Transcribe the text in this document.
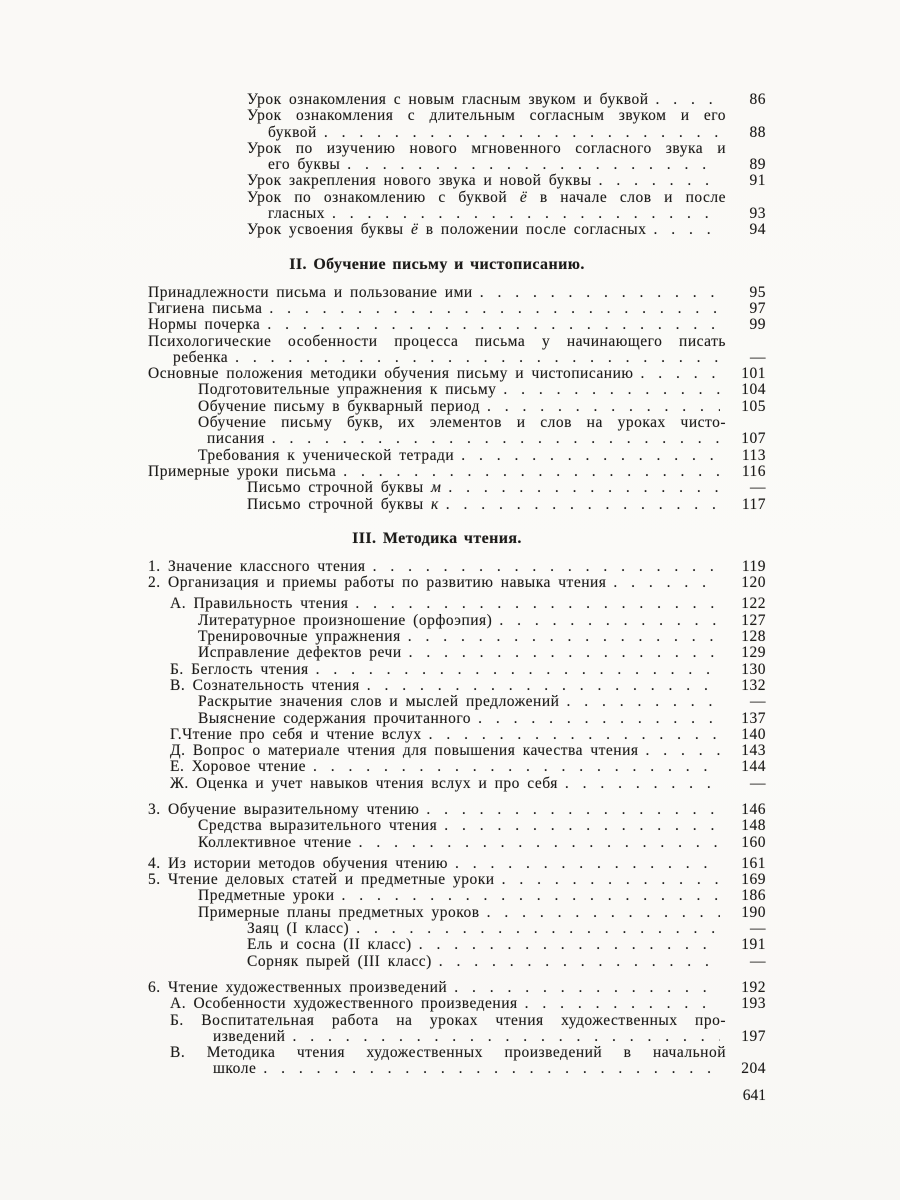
Урок ознакомления с новым гласным звуком и буквой . . .	86
Урок ознакомления с длительным согласным звуком и его
буквой . . .	88
Урок по изучению нового мгновенного согласного звука и
его буквы . . .	89
Урок закрепления нового звука и новой буквы . . .	91
Урок по ознакомлению с буквой ё в начале слов и после
гласных . . .	93
Урок усвоения буквы ё в положении после согласных . . .	94
II. Обучение письму и чистописанию.
Принадлежности письма и пользование ими . . .	95
Гигиена письма . . .	97
Нормы почерка . . .	99
Психологические особенности процесса письма у начинающего писать
ребенка . . .	—
Основные положения методики обучения письму и чистописанию . . .	101
Подготовительные упражнения к письму . . .	104
Обучение письму в букварный период . . .	105
Обучение письму букв, их элементов и слов на уроках чисто-
писания . . .	107
Требования к ученической тетради . . .	113
Примерные уроки письма . . .	116
Письмо строчной буквы м . . .	—
Письмо строчной буквы к . . .	117
III. Методика чтения.
1. Значение классного чтения . . .	119
2. Организация и приемы работы по развитию навыка чтения . . .	120
А. Правильность чтения . . .	122
Литературное произношение (орфоэпия) . . .	127
Тренировочные упражнения . . .	128
Исправление дефектов речи . . .	129
Б. Беглость чтения . . .	130
В. Сознательность чтения . . .	132
Раскрытие значения слов и мыслей предложений . . .	—
Выяснение содержания прочитанного . . .	137
Г.Чтение про себя и чтение вслух . . .	140
Д. Вопрос о материале чтения для повышения качества чтения . . .	143
Е. Хоровое чтение . . .	144
Ж. Оценка и учет навыков чтения вслух и про себя . . .	—
3. Обучение выразительному чтению . . .	146
Средства выразительного чтения . . .	148
Коллективное чтение . . .	160
4. Из истории методов обучения чтению . . .	161
5. Чтение деловых статей и предметные уроки . . .	169
Предметные уроки . . .	186
Примерные планы предметных уроков . . .	190
Заяц (I класс) . . .	—
Ель и сосна (II класс) . . .	191
Сорняк пырей (III класс) . . .	—
6. Чтение художественных произведений . . .	192
А. Особенности художественного произведения . . .	193
Б. Воспитательная работа на уроках чтения художественных про-
изведений . . .	197
В. Методика чтения художественных произведений в начальной
школе . . .	204
641
